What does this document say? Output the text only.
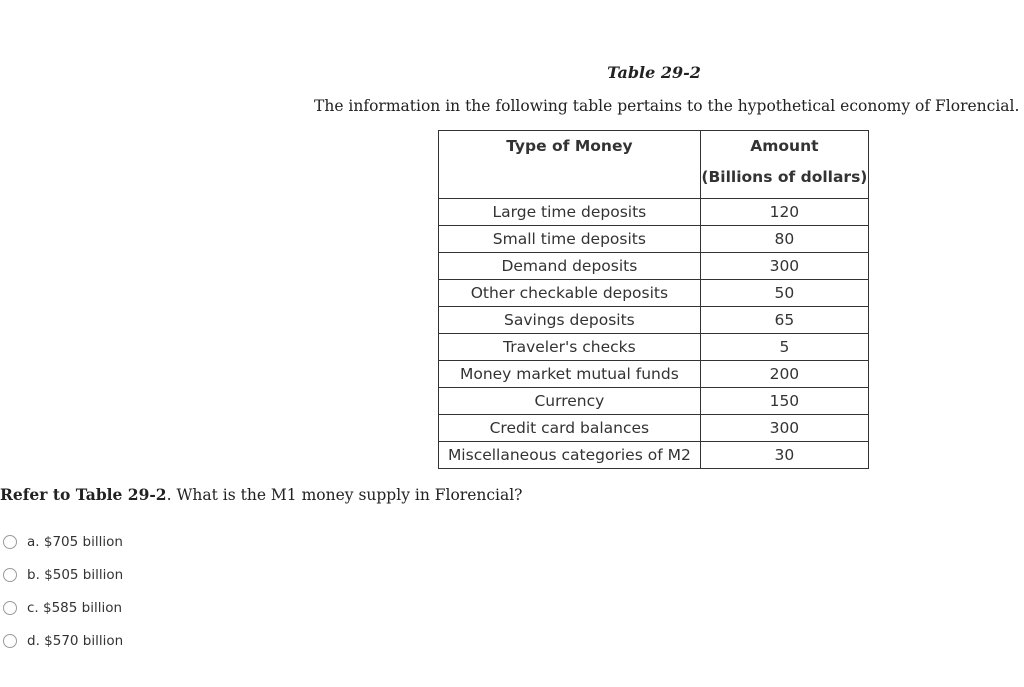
Table 29-2
The information in the following table pertains to the hypothetical economy of Florencial.
Type of Money	Amount
(Billions of dollars)

Large time deposits	120
Small time deposits	80
Demand deposits	300
Other checkable deposits	50
Savings deposits	65
Traveler's checks	5
Money market mutual funds	200
Currency	150
Credit card balances	300
Miscellaneous categories of M2	30
Refer to Table 29-2. What is the M1 money supply in Florencial?
a. $705 billion
b. $505 billion
c. $585 billion
d. $570 billion
